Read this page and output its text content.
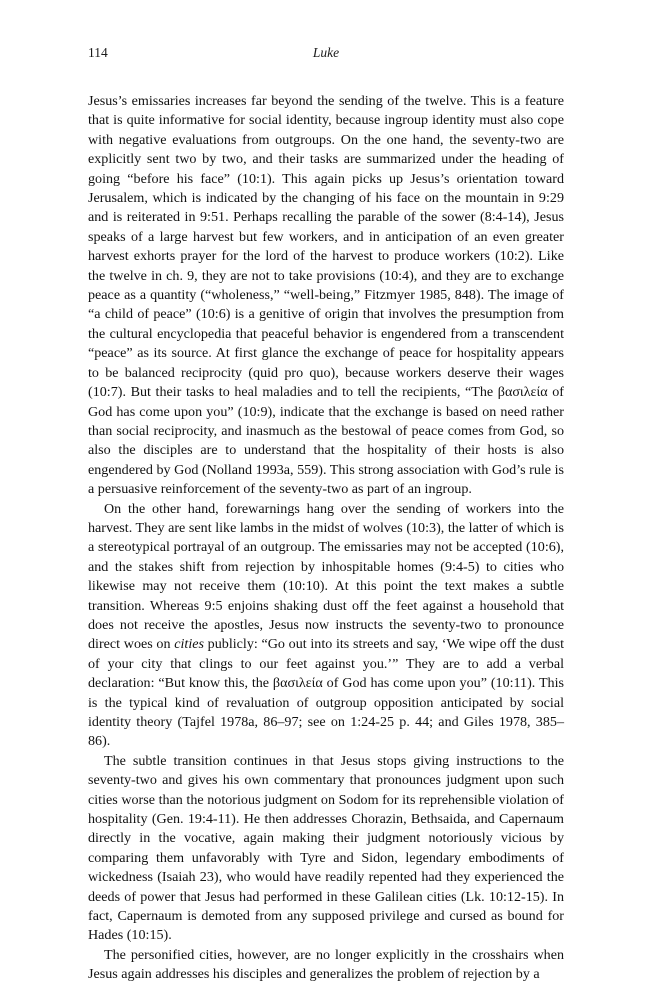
114	Luke

Jesus’s emissaries increases far beyond the sending of the twelve. This is a feature that is quite informative for social identity, because ingroup identity must also cope with negative evaluations from outgroups. On the one hand, the seventy-two are explicitly sent two by two, and their tasks are summarized under the heading of going “before his face” (10:1). This again picks up Jesus’s orientation toward Jerusalem, which is indicated by the changing of his face on the mountain in 9:29 and is reiterated in 9:51. Perhaps recalling the parable of the sower (8:4-14), Jesus speaks of a large harvest but few workers, and in anticipation of an even greater harvest exhorts prayer for the lord of the harvest to produce workers (10:2). Like the twelve in ch. 9, they are not to take provisions (10:4), and they are to exchange peace as a quantity (“wholeness,” “well-being,” Fitzmyer 1985, 848). The image of “a child of peace” (10:6) is a genitive of origin that involves the presumption from the cultural encyclopedia that peaceful behavior is engendered from a transcendent “peace” as its source. At first glance the exchange of peace for hospitality appears to be balanced reciprocity (quid pro quo), because workers deserve their wages (10:7). But their tasks to heal maladies and to tell the recipients, “The βασιλεία of God has come upon you” (10:9), indicate that the exchange is based on need rather than social reciprocity, and inasmuch as the bestowal of peace comes from God, so also the disciples are to understand that the hospitality of their hosts is also engendered by God (Nolland 1993a, 559). This strong association with God’s rule is a persuasive reinforcement of the seventy-two as part of an ingroup.

On the other hand, forewarnings hang over the sending of workers into the harvest. They are sent like lambs in the midst of wolves (10:3), the latter of which is a stereotypical portrayal of an outgroup. The emissaries may not be accepted (10:6), and the stakes shift from rejection by inhospitable homes (9:4-5) to cities who likewise may not receive them (10:10). At this point the text makes a subtle transition. Whereas 9:5 enjoins shaking dust off the feet against a household that does not receive the apostles, Jesus now instructs the seventy-two to pronounce direct woes on cities publicly: “Go out into its streets and say, ‘We wipe off the dust of your city that clings to our feet against you.’” They are to add a verbal declaration: “But know this, the βασιλεία of God has come upon you” (10:11). This is the typical kind of revaluation of outgroup opposition anticipated by social identity theory (Tajfel 1978a, 86–97; see on 1:24-25 p. 44; and Giles 1978, 385–86).

The subtle transition continues in that Jesus stops giving instructions to the seventy-two and gives his own commentary that pronounces judgment upon such cities worse than the notorious judgment on Sodom for its reprehensible violation of hospitality (Gen. 19:4-11). He then addresses Chorazin, Bethsaida, and Capernaum directly in the vocative, again making their judgment notoriously vicious by comparing them unfavorably with Tyre and Sidon, legendary embodiments of wickedness (Isaiah 23), who would have readily repented had they experienced the deeds of power that Jesus had performed in these Galilean cities (Lk. 10:12-15). In fact, Capernaum is demoted from any supposed privilege and cursed as bound for Hades (10:15).

The personified cities, however, are no longer explicitly in the crosshairs when Jesus again addresses his disciples and generalizes the problem of rejection by a
